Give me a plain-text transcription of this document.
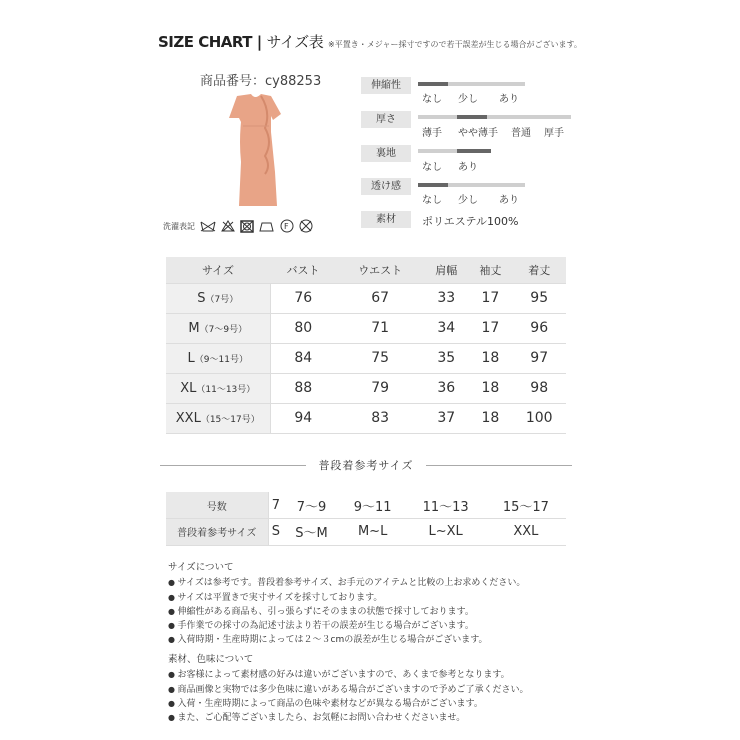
SIZE CHART | サイズ表 ※平置き・メジャー採寸ですので若干誤差が生じる場合がございます。
商品番号：cy88253
洗濯表記	F
伸縮性
なし 少し あり
厚さ
薄手 やや薄手 普通 厚手
裏地
なし あり
透け感
なし 少し あり
素材	ポリエステル100%
サイズ	バスト	ウエスト	肩幅	袖丈	着丈
S（7号）	76	67	33	17	95
M（7〜9号）	80	71	34	17	96
L（9〜11号）	84	75	35	18	97
XL（11〜13号）	88	79	36	18	98
XXL（15〜17号）	94	83	37	18	100
普段着参考サイズ
号数	7	7〜9	9〜11	11〜13	15〜17
普段着参考サイズ	S	S〜M	M~L	L~XL	XXL
サイズについて
● サイズは参考です。普段着参考サイズ、お手元のアイテムと比較の上お求めください。
● サイズは平置きで実寸サイズを採寸しております。
● 伸縮性がある商品も、引っ張らずにそのままの状態で採寸しております。
● 手作業での採寸の為記述寸法より若干の誤差が生じる場合がございます。
● 入荷時期・生産時期によっては２～３cmの誤差が生じる場合がございます。
素材、色味について
● お客様によって素材感の好みは違いがございますので、あくまで参考となります。
● 商品画像と実物では多少色味に違いがある場合がございますので予めご了承ください。
● 入荷・生産時期によって商品の色味や素材などが異なる場合がございます。
● また、ご心配等ございましたら、お気軽にお問い合わせくださいませ。
